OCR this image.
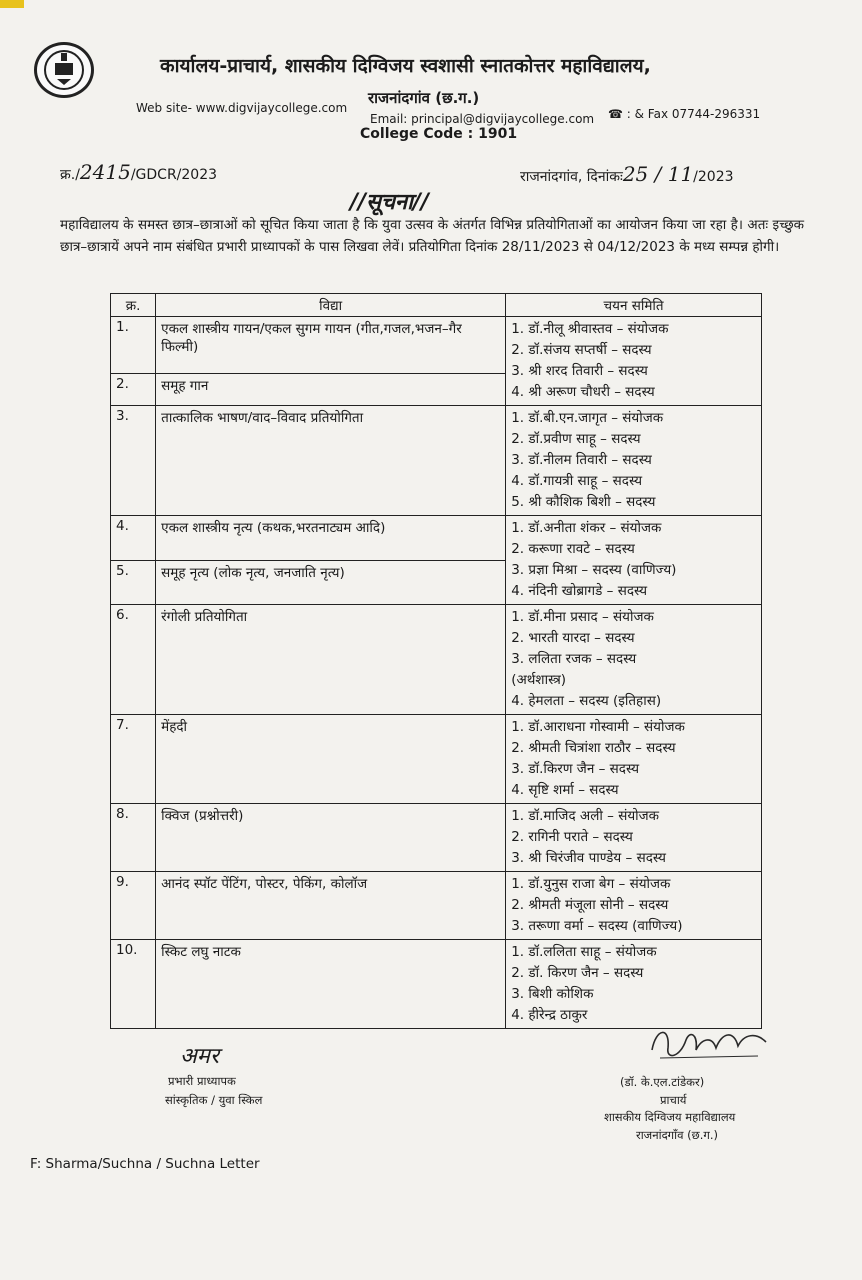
कार्यालय-प्राचार्य, शासकीय दिग्विजय स्वशासी स्नातकोत्तर महाविद्यालय,
राजनांदगांव (छ.ग.)
Web site- www.digvijaycollege.com
Email: principal@digvijaycollege.com ☎ : & Fax 07744-296331
College Code : 1901
क्र./2415/GDCR/2023	राजनांदगांव, दिनांकः25 / 11/2023
//सूचना//
महाविद्यालय के समस्त छात्र–छात्राओं को सूचित किया जाता है कि युवा उत्सव के अंतर्गत विभिन्न प्रतियोगिताओं का आयोजन किया जा रहा है। अतः इच्छुक छात्र–छात्रायें अपने नाम संबंधित प्रभारी प्राध्यापकों के पास लिखवा लेवें। प्रतियोगिता दिनांक 28/11/2023 से 04/12/2023 के मध्य सम्पन्न होगी।
क्र.	विद्या	चयन समिति
1.	एकल शास्त्रीय गायन/एकल सुगम गायन (गीत,गजल,भजन–गैर फिल्मी)	1. डॉ.नीलू श्रीवास्तव – संयोजक
2. डॉ.संजय सप्तर्षी – सदस्य
3. श्री शरद तिवारी – सदस्य
4. श्री अरूण चौधरी – सदस्य

2.	समूह गान	
3.	तात्कालिक भाषण/वाद–विवाद प्रतियोगिता	1. डॉ.बी.एन.जागृत – संयोजक
2. डॉ.प्रवीण साहू – सदस्य
3. डॉ.नीलम तिवारी – सदस्य
4. डॉ.गायत्री साहू – सदस्य
5. श्री कौशिक बिशी – सदस्य

4.	एकल शास्त्रीय नृत्य (कथक,भरतनाट्यम आदि)	1. डॉ.अनीता शंकर – संयोजक
2. करूणा रावटे – सदस्य
3. प्रज्ञा मिश्रा – सदस्य (वाणिज्य)
4. नंदिनी खोब्रागडे – सदस्य

5.	समूह नृत्य (लोक नृत्य, जनजाति नृत्य)	
6.	रंगोली प्रतियोगिता	1. डॉ.मीना प्रसाद – संयोजक
2. भारती यारदा – सदस्य
3. ललिता रजक – सदस्य
(अर्थशास्त्र)
4. हेमलता – सदस्य (इतिहास)

7.	मेंहदी	1. डॉ.आराधना गोस्वामी – संयोजक
2. श्रीमती चित्रांशा राठौर – सदस्य
3. डॉ.किरण जैन – सदस्य
4. सृष्टि शर्मा – सदस्य

8.	क्विज (प्रश्नोत्तरी)	1. डॉ.माजिद अली – संयोजक
2. रागिनी पराते – सदस्य
3. श्री चिरंजीव पाण्डेय – सदस्य

9.	आनंद स्पॉट पेंटिंग, पोस्टर, पेकिंग, कोलॉज	1. डॉ.युनुस राजा बेग – संयोजक
2. श्रीमती मंजूला सोनी – सदस्य
3. तरूणा वर्मा – सदस्य (वाणिज्य)

10.	स्किट लघु नाटक	1. डॉ.ललिता साहू – संयोजक
2. डॉ. किरण जैन – सदस्य
3. बिशी कोशिक
4. हीरेन्द्र ठाकुर
अमर
प्रभारी प्राध्यापक
सांस्कृतिक / युवा स्किल
(डॉ. के.एल.टांडेकर)
प्राचार्य
शासकीय दिग्विजय महाविद्यालय
राजनांदगाँव (छ.ग.)
F: Sharma/Suchna / Suchna Letter
